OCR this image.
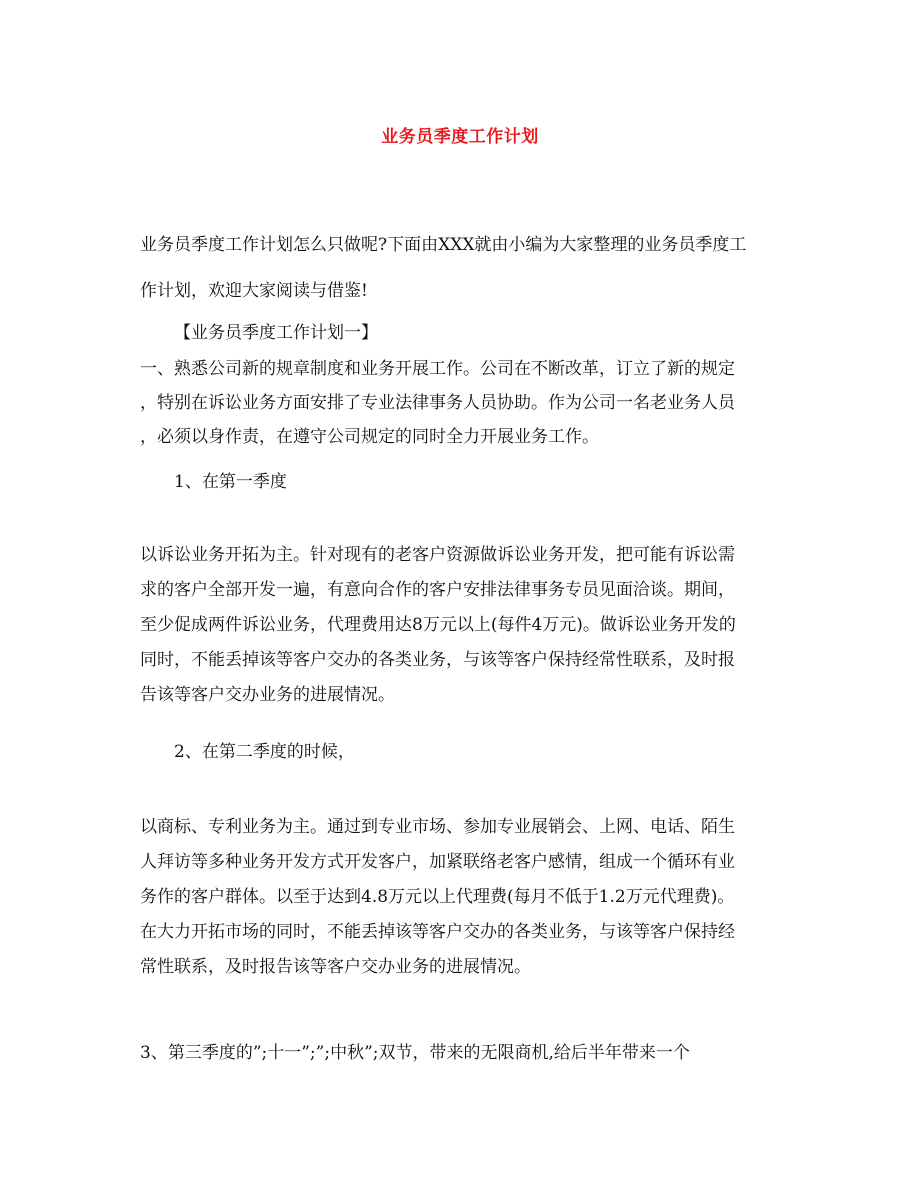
业务员季度工作计划
业务员季度工作计划怎么只做呢?下面由XXX就由小编为大家整理的业务员季度工
作计划，欢迎大家阅读与借鉴!
【业务员季度工作计划一】
一、熟悉公司新的规章制度和业务开展工作。公司在不断改革，订立了新的规定
，特别在诉讼业务方面安排了专业法律事务人员协助。作为公司一名老业务人员
，必须以身作责，在遵守公司规定的同时全力开展业务工作。
1、在第一季度
以诉讼业务开拓为主。针对现有的老客户资源做诉讼业务开发，把可能有诉讼需
求的客户全部开发一遍，有意向合作的客户安排法律事务专员见面洽谈。期间，
至少促成两件诉讼业务，代理费用达8万元以上(每件4万元)。做诉讼业务开发的
同时，不能丢掉该等客户交办的各类业务，与该等客户保持经常性联系，及时报
告该等客户交办业务的进展情况。
2、在第二季度的时候，
以商标、专利业务为主。通过到专业市场、参加专业展销会、上网、电话、陌生
人拜访等多种业务开发方式开发客户，加紧联络老客户感情，组成一个循环有业
务作的客户群体。以至于达到4.8万元以上代理费(每月不低于1.2万元代理费)。
在大力开拓市场的同时，不能丢掉该等客户交办的各类业务，与该等客户保持经
常性联系，及时报告该等客户交办业务的进展情况。
3、第三季度的”;十一”;”;中秋”;双节，带来的无限商机,给后半年带来一个
